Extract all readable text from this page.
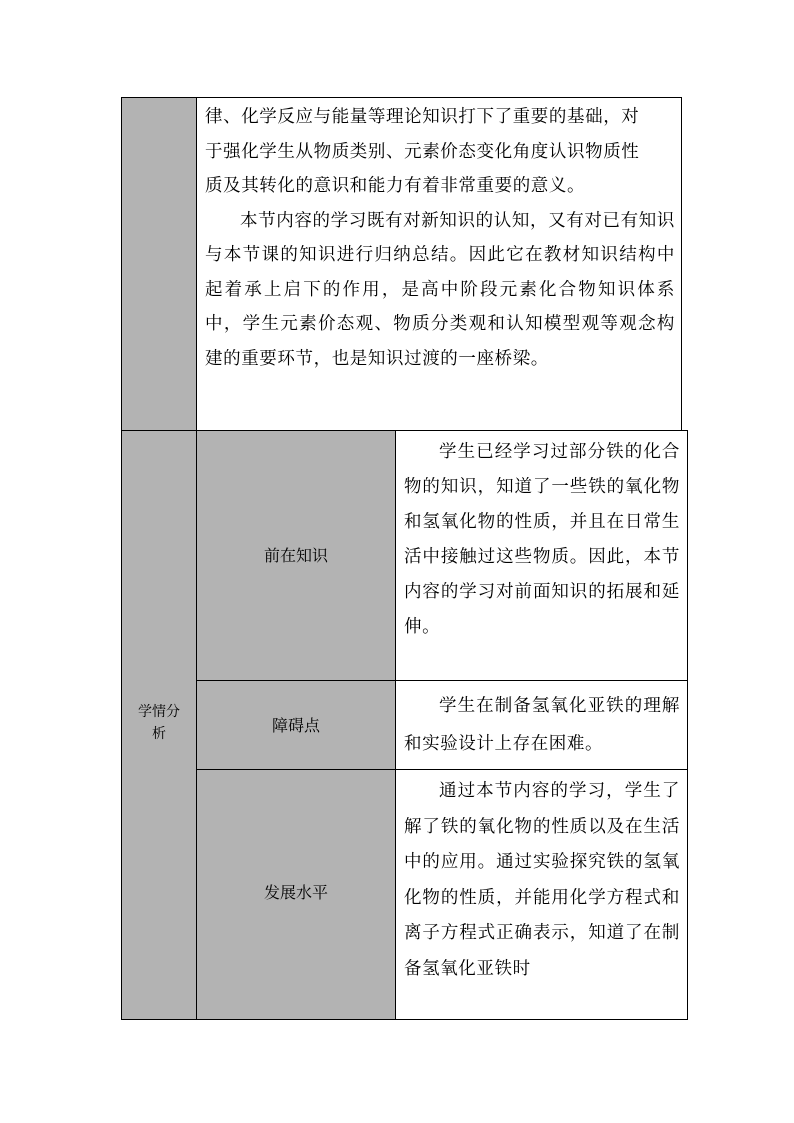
律、化学反应与能量等理论知识打下了重要的基础，对
于强化学生从物质类别、元素价态变化角度认识物质性
质及其转化的意识和能力有着非常重要的意义。

本节内容的学习既有对新知识的认知，又有对已有知识与本节课的知识进行归纳总结。因此它在教材知识结构中起着承上启下的作用，是高中阶段元素化合物知识体系中，学生元素价态观、物质分类观和认知模型观等观念构建的重要环节，也是知识过渡的一座桥梁。

学情分析
前在知识

学生已经学习过部分铁的化合物的知识，知道了一些铁的氧化物和氢氧化物的性质，并且在日常生活中接触过这些物质。因此，本节内容的学习对前面知识的拓展和延伸。

障碍点

学生在制备氢氧化亚铁的理解和实验设计上存在困难。

发展水平

通过本节内容的学习，学生了解了铁的氧化物的性质以及在生活中的应用。通过实验探究铁的氢氧化物的性质，并能用化学方程式和离子方程式正确表示，知道了在制备氢氧化亚铁时
